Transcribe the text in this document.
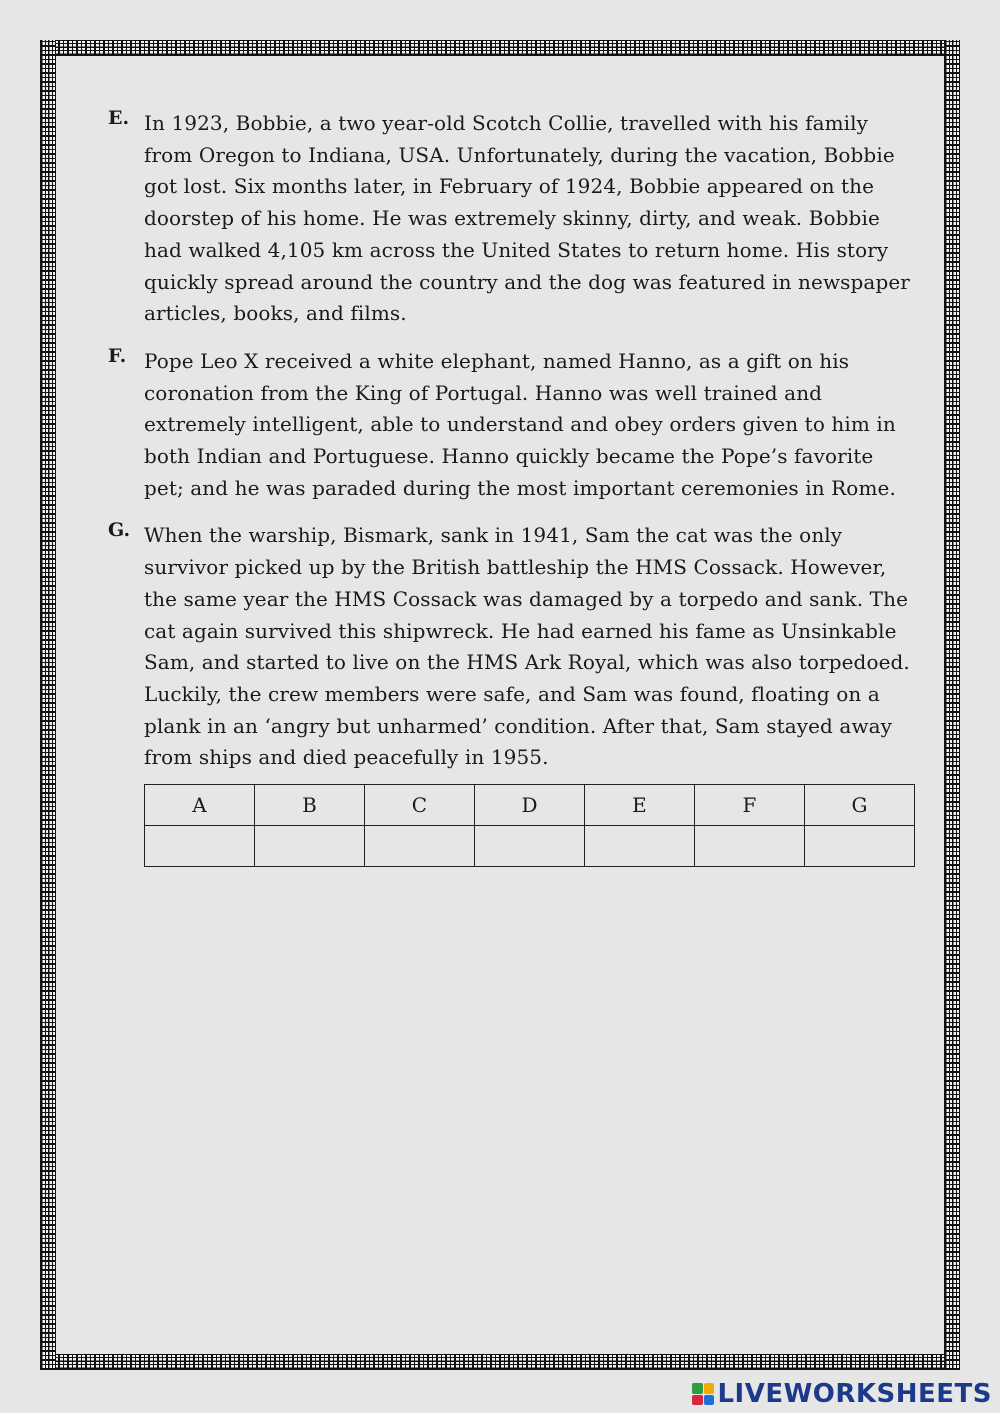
E. In 1923, Bobbie, a two year-old Scotch Collie, travelled with his family from Oregon to Indiana, USA. Unfortunately, during the vacation, Bobbie got lost. Six months later, in February of 1924, Bobbie appeared on the doorstep of his home. He was extremely skinny, dirty, and weak. Bobbie had walked 4,105 km across the United States to return home. His story quickly spread around the country and the dog was featured in newspaper articles, books, and films.
F. Pope Leo X received a white elephant, named Hanno, as a gift on his coronation from the King of Portugal. Hanno was well trained and extremely intelligent, able to understand and obey orders given to him in both Indian and Portuguese. Hanno quickly became the Pope’s favorite pet; and he was paraded during the most important ceremonies in Rome.
G. When the warship, Bismark, sank in 1941, Sam the cat was the only survivor picked up by the British battleship the HMS Cossack. However, the same year the HMS Cossack was damaged by a torpedo and sank. The cat again survived this shipwreck. He had earned his fame as Unsinkable Sam, and started to live on the HMS Ark Royal, which was also torpedoed. Luckily, the crew members were safe, and Sam was found, floating on a plank in an ‘angry but unharmed’ condition. After that, Sam stayed away from ships and died peacefully in 1955.
A	B	C	D	E	F	G

LIVEWORKSHEETS
